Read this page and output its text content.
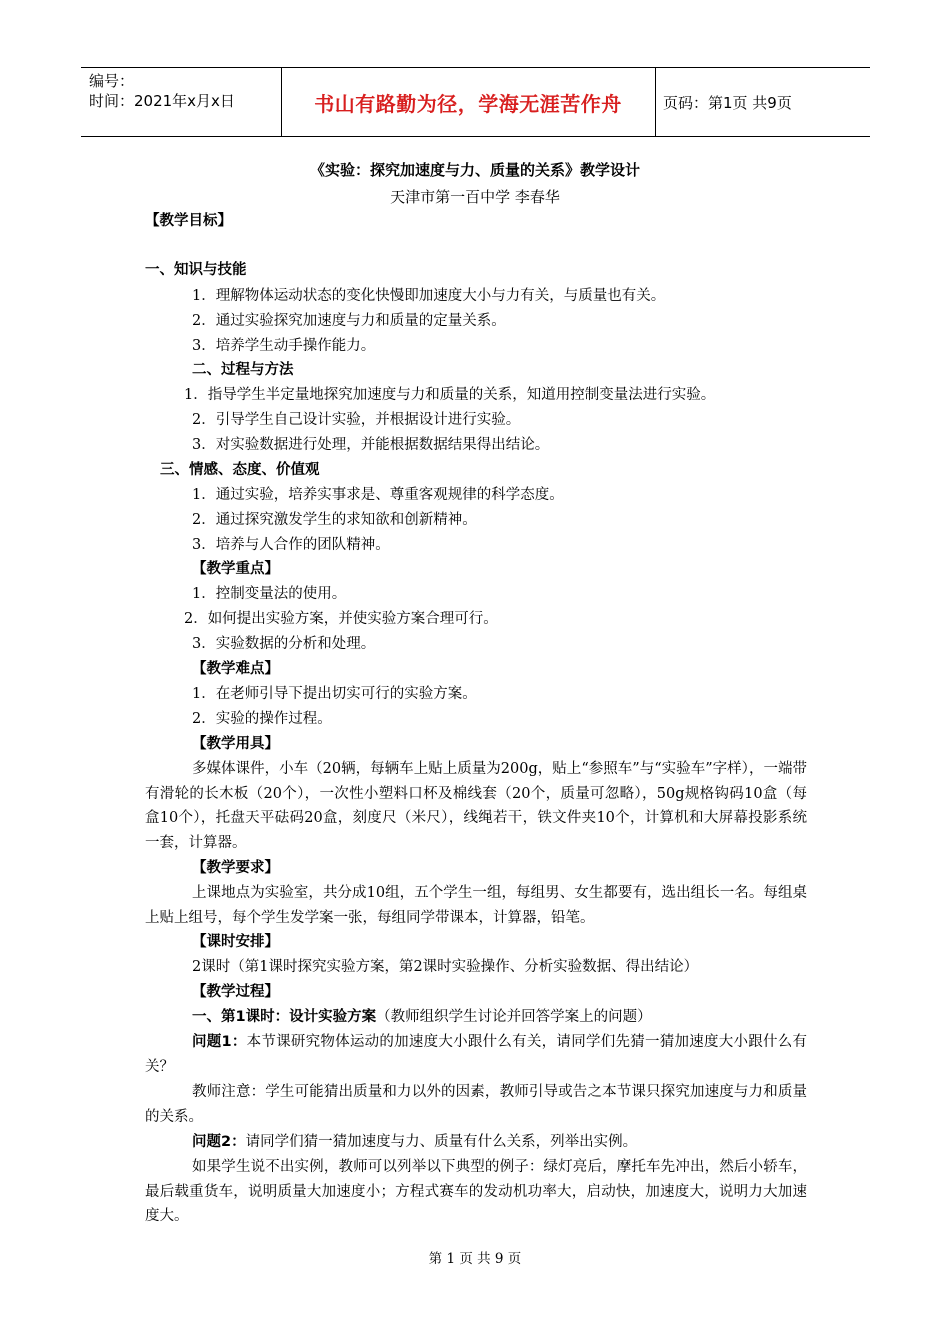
编号：
时间：2021年x月x日	书山有路勤为径，学海无涯苦作舟	页码：第1页 共9页
《实验：探究加速度与力、质量的关系》教学设计
天津市第一百中学 李春华
【教学目标】
一、知识与技能
1．理解物体运动状态的变化快慢即加速度大小与力有关，与质量也有关。
2．通过实验探究加速度与力和质量的定量关系。
3．培养学生动手操作能力。
二、过程与方法
1．指导学生半定量地探究加速度与力和质量的关系，知道用控制变量法进行实验。
2．引导学生自己设计实验，并根据设计进行实验。
3．对实验数据进行处理，并能根据数据结果得出结论。
三、情感、态度、价值观
1．通过实验，培养实事求是、尊重客观规律的科学态度。
2．通过探究激发学生的求知欲和创新精神。
3．培养与人合作的团队精神。
【教学重点】
1．控制变量法的使用。
2．如何提出实验方案，并使实验方案合理可行。
3．实验数据的分析和处理。
【教学难点】
1．在老师引导下提出切实可行的实验方案。
2．实验的操作过程。
【教学用具】
多媒体课件，小车（20辆，每辆车上贴上质量为200g，贴上“参照车”与“实验车”字样），一端带有滑轮的长木板（20个），一次性小塑料口杯及棉线套（20个，质量可忽略），50g规格钩码10盒（每盒10个），托盘天平砝码20盒，刻度尺（米尺），线绳若干，铁文件夹10个，计算机和大屏幕投影系统一套，计算器。
【教学要求】
上课地点为实验室，共分成10组，五个学生一组，每组男、女生都要有，选出组长一名。每组桌上贴上组号，每个学生发学案一张，每组同学带课本，计算器，铅笔。
【课时安排】
2课时（第1课时探究实验方案，第2课时实验操作、分析实验数据、得出结论）
【教学过程】
一、第1课时：设计实验方案（教师组织学生讨论并回答学案上的问题）
问题1：本节课研究物体运动的加速度大小跟什么有关，请同学们先猜一猜加速度大小跟什么有关？
教师注意：学生可能猜出质量和力以外的因素，教师引导或告之本节课只探究加速度与力和质量的关系。
问题2：请同学们猜一猜加速度与力、质量有什么关系，列举出实例。
如果学生说不出实例，教师可以列举以下典型的例子：绿灯亮后，摩托车先冲出，然后小轿车，最后载重货车，说明质量大加速度小；方程式赛车的发动机功率大，启动快，加速度大，说明力大加速度大。
第 1 页 共 9 页
